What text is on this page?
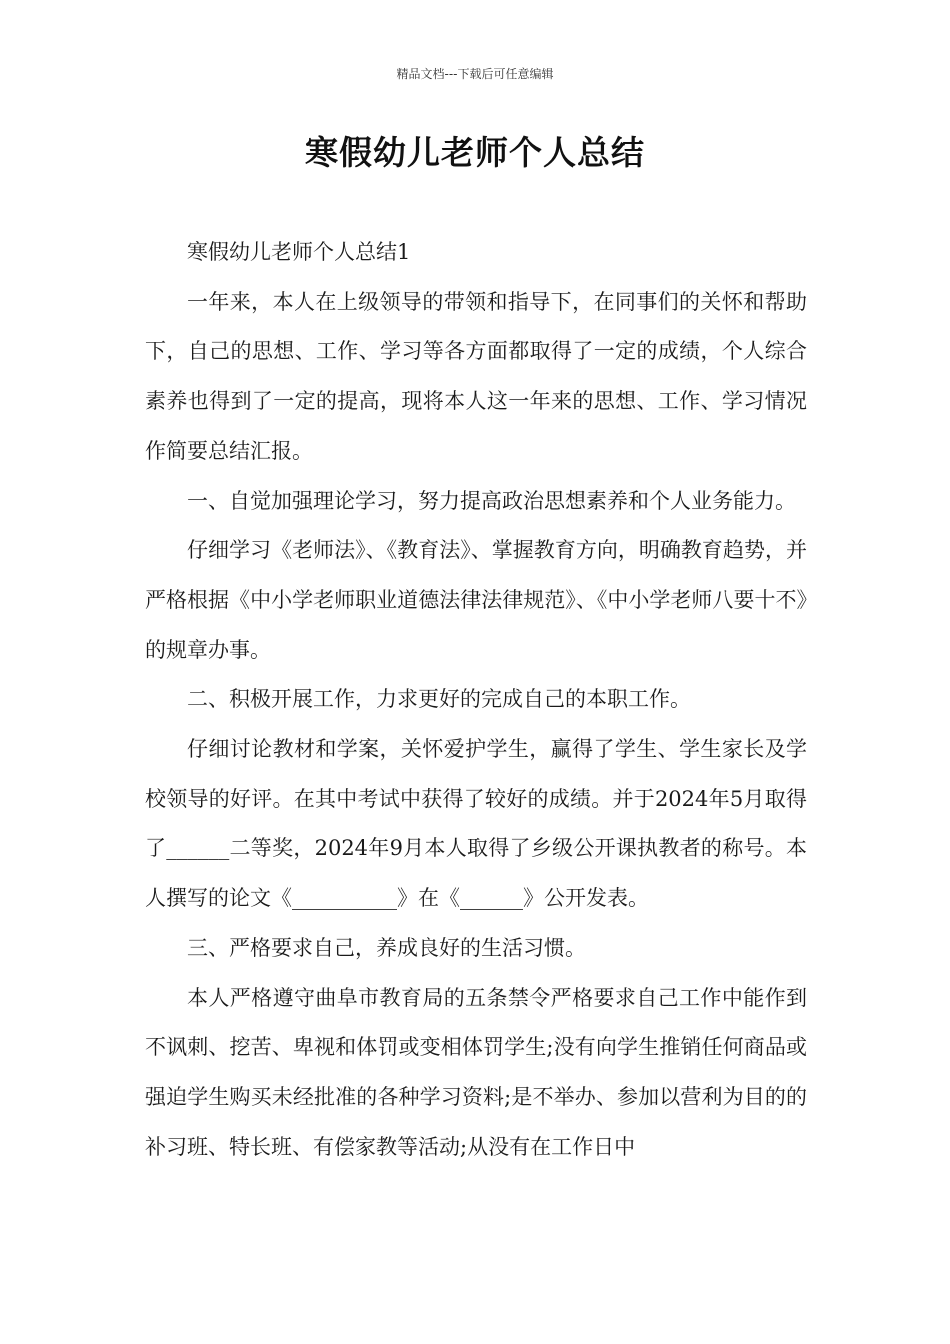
精品文档---下载后可任意编辑
寒假幼儿老师个人总结

寒假幼儿老师个人总结1

一年来，本人在上级领导的带领和指导下，在同事们的关怀和帮助下，自己的思想、工作、学习等各方面都取得了一定的成绩，个人综合素养也得到了一定的提高，现将本人这一年来的思想、工作、学习情况作简要总结汇报。

一、自觉加强理论学习，努力提高政治思想素养和个人业务能力。

仔细学习《老师法》、《教育法》、掌握教育方向，明确教育趋势，并严格根据《中小学老师职业道德法律法律规范》、《中小学老师八要十不》的规章办事。

二、积极开展工作，力求更好的完成自己的本职工作。

仔细讨论教材和学案，关怀爱护学生，赢得了学生、学生家长及学校领导的好评。在其中考试中获得了较好的成绩。并于2024年5月取得了______二等奖，2024年9月本人取得了乡级公开课执教者的称号。本人撰写的论文《__________》在《______》公开发表。

三、严格要求自己，养成良好的生活习惯。

本人严格遵守曲阜市教育局的五条禁令严格要求自己工作中能作到不讽刺、挖苦、卑视和体罚或变相体罚学生;没有向学生推销任何商品或强迫学生购买未经批准的各种学习资料;是不举办、参加以营利为目的的补习班、特长班、有偿家教等活动;从没有在工作日中
